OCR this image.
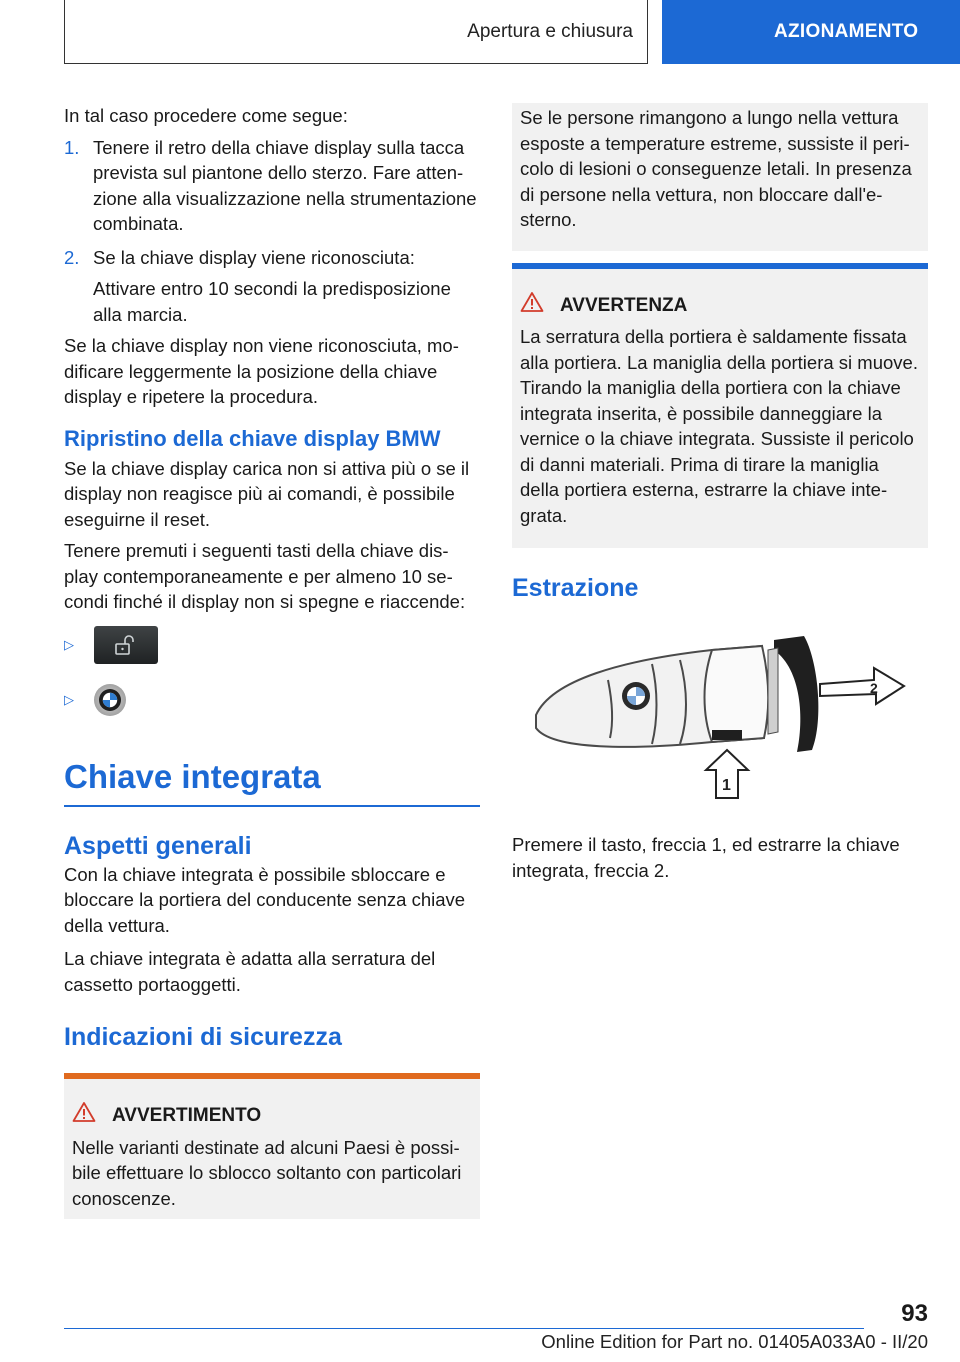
Apertura e chiusura	AZIONAMENTO

In tal caso procedere come segue:

1. Tenere il retro della chiave display sulla tacca prevista sul piantone dello sterzo. Fare atten- zione alla visualizzazione nella strumentazione combinata.
2. Se la chiave display viene riconosciuta:

Attivare entro 10 secondi la predisposizione alla marcia.

Se la chiave display non viene riconosciuta, mo- dificare leggermente la posizione della chiave display e ripetere la procedura.

Ripristino della chiave display BMW

Se la chiave display carica non si attiva più o se il display non reagisce più ai comandi, è possibile eseguirne il reset.

Tenere premuti i seguenti tasti della chiave dis- play contemporaneamente e per almeno 10 se- condi finché il display non si spegne e riaccende:

▷
▷
Chiave integrata
Aspetti generali

Con la chiave integrata è possibile sbloccare e bloccare la portiera del conducente senza chiave della vettura.

La chiave integrata è adatta alla serratura del cassetto portaoggetti.

Indicazioni di sicurezza
AVVERTIMENTO

Nelle varianti destinate ad alcuni Paesi è possi- bile effettuare lo sblocco soltanto con particolari conoscenze.

Se le persone rimangono a lungo nella vettura esposte a temperature estreme, sussiste il peri- colo di lesioni o conseguenze letali. In presenza di persone nella vettura, non bloccare dall'e- sterno.

AVVERTENZA

La serratura della portiera è saldamente fissata alla portiera. La maniglia della portiera si muove. Tirando la maniglia della portiera con la chiave integrata inserita, è possibile danneggiare la vernice o la chiave integrata. Sussiste il pericolo di danni materiali. Prima di tirare la maniglia della portiera esterna, estrarre la chiave inte- grata.

Estrazione
2
1

Premere il tasto, freccia 1, ed estrarre la chiave integrata, freccia 2.

93
Online Edition for Part no. 01405A033A0 - II/20
